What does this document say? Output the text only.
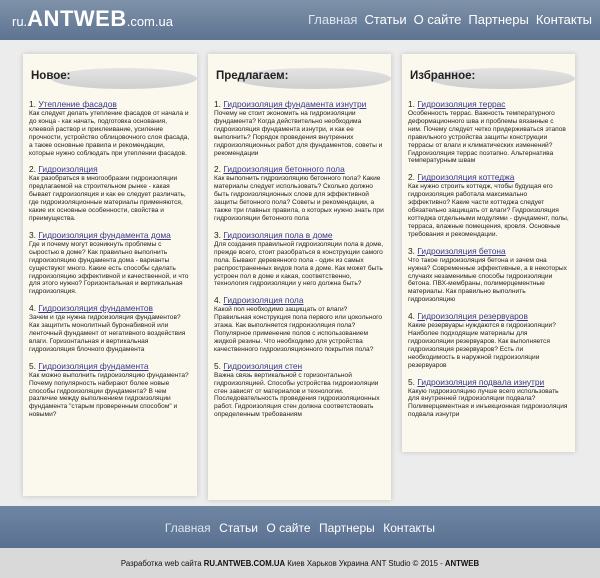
ru.ANTWEB.com.ua	Главная Статьи О сайте Партнеры Контакты
Новое:
1. Утепление фасадов

Как следует делать утепление фасадов от начала и до конца - как начать, подготовка основания, клеевой раствор и приклеивание, усиление прочности, устройство облицовочного слоя фасада, а также основные правила и рекомендации, которые нужно соблюдать при утеплении фасадов.

2. Гидроизоляция

Как разобраться в многообразии гидроизоляции предлагаемой на строительном рынке - какая бывает гидроизоляция и как ее следует различать, где гидроизоляционные материалы применяются, какие их основные особенности, свойства и преимущества.

3. Гидроизоляция фундамента дома

Где и почему могут возникнуть проблемы с сыростью в доме? Как правильно выполнить гидроизоляцию фундамента дома - варианты существуют много. Какие есть способы сделать гидроизоляцию эффективной и качественной, и что для этого нужно? Горизонтальная и вертикальная гидроизоляция.

4. Гидроизоляция фундаментов

Зачем и где нужна гидроизоляция фундаментов? Как защитить монолитный буронабивной или ленточный фундамент от негативного воздействия влаги. Горизонтальная и вертикальная гидроизоляция блочного фундамента

5. Гидроизоляция фундамента

Как можно выполнить гидроизоляцию фундамента? Почему популярность набирают более новые способы гидроизоляции фундамента? В чем различие между выполнением гидроизоляции фундамента "старым проверенным способом" и новыми?

Предлагаем:
1. Гидроизоляция фундамента изнутри

Почему не стоит экономить на гидроизоляции фундамента? Когда действительно необходима гидроизоляция фундамента изнутри, и как ее выполнить? Порядок проведения внутренних гидроизоляционных работ для фундаментов, советы и рекомендации

2. Гидроизоляция бетонного пола

Как выполнить гидроизоляцию бетонного пола? Какие материалы следует использовать? Сколько должно быть гидроизоляционных слоев для эффективной защиты бетонного пола? Советы и рекомендации, а также три главных правила, о которых нужно знать при гидроизоляции бетонного пола

3. Гидроизоляция пола в доме

Для создания правильной гидроизоляции пола в доме, прежде всего, стоит разобраться в конструкции самого пола. Бывают деревянного пола - один из самых распространенных видов пола в доме. Как может быть устроен пол в доме и какая, соответственно, технология гидроизоляции у него должна быть?

4. Гидроизоляция пола

Какой пол необходимо защищать от влаги? Правильная конструкция пола первого или цокольного этажа. Как выполняется гидроизоляция пола? Популярное применение полов с использованием жидкой резины. Что необходимо для устройства качественного гидроизоляционного покрытия пола?

5. Гидроизоляция стен

Важна связь вертикальной с горизонтальной гидроизоляцией. Способы устройства гидроизоляции стен зависят от материалов и технологии. Последовательность проведения гидроизоляционных работ. Гидроизоляция стен должна соответствовать определенным требованиям

Избранное:
1. Гидроизоляция террас

Особенность террас. Важность температурного деформационного шва и проблемы вязанные с ним. Почему следует четко придерживаться этапов правильного устройства защиты конструкции террасы от влаги и климатических изменений? Гидроизоляция террас поэтапно. Альтернатива температурным швам

2. Гидроизоляция коттеджа

Как нужно строить коттедж, чтобы будущая его гидроизоляция работала максимально эффективно? Какие части коттеджа следует обязательно защищать от влаги? Гидроизоляция коттеджа отдельными модулями - фундамент, полы, терраса, влажные помещения, кровля. Основные требования и рекомендации.

3. Гидроизоляция бетона

Что такое гидроизоляция бетона и зачем она нужна? Современные эффективные, а в некоторых случаях незаменимые способы гидроизоляции бетона. ПВХ-мембраны, полимерцементные материалы. Как правильно выполнить гидроизоляцию

4. Гидроизоляция резервуаров

Какие резервуары нуждаются в гидроизоляции? Наиболее подходящие материалы для гидроизоляции резервуаров. Как выполняется гидроизоляция резервуаров? Есть ли необходимость в наружной гидроизоляции резервуаров

5. Гидроизоляция подвала изнутри

Какую гидроизоляцию лучше всего использовать для внутренней гидроизоляции подвала? Полимерцементная и инъекционная гидроизоляция подвала изнутри

Главная Статьи О сайте Партнеры Контакты
Разработка web сайта RU.ANTWEB.COM.UA Киев Харьков Украина ANT Studio © 2015 - ANTWEB
